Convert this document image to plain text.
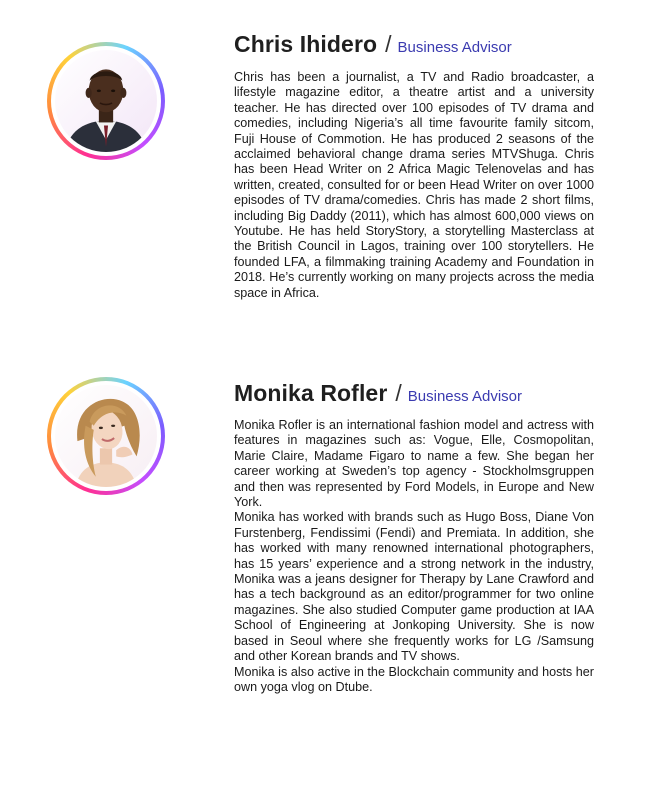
Chris Ihidero / Business Advisor

Chris has been a journalist, a TV and Radio broadcaster, a lifestyle magazine editor, a theatre artist and a university teacher. He has directed over 100 episodes of TV drama and comedies, including Nigeria’s all time favourite family sitcom, Fuji House of Commotion. He has produced 2 seasons of the acclaimed behavioral change drama series MTVShuga. Chris has been Head Writer on 2 Africa Magic Telenovelas and has written, created, consulted for or been Head Writer on over 1000 episodes of TV drama/comedies. Chris has made 2 short films, including Big Daddy (2011), which has almost 600,000 views on Youtube. He has held StoryStory, a storytelling Masterclass at the British Council in Lagos, training over 100 storytellers. He founded LFA, a filmmaking training Academy and Foundation in 2018. He’s currently working on many projects across the media space in Africa.

Monika Rofler / Business Advisor

Monika Rofler is an international fashion model and actress with features in magazines such as: Vogue, Elle, Cosmopolitan, Marie Claire, Madame Figaro to name a few. She began her career working at Sweden’s top agency - Stockholmsgruppen and then was represented by Ford Models, in Europe and New York.

Monika has worked with brands such as Hugo Boss, Diane Von Furstenberg, Fendissimi (Fendi) and Premiata. In addition, she has worked with many renowned international photographers, has 15 years’ experience and a strong network in the industry, Monika was a jeans designer for Therapy by Lane Crawford and has a tech background as an editor/programmer for two online magazines. She also studied Computer game production at IAA School of Engineering at Jonkoping University. She is now based in Seoul where she frequently works for LG /Samsung and other Korean brands and TV shows.

Monika is also active in the Blockchain community and hosts her own yoga vlog on Dtube.
